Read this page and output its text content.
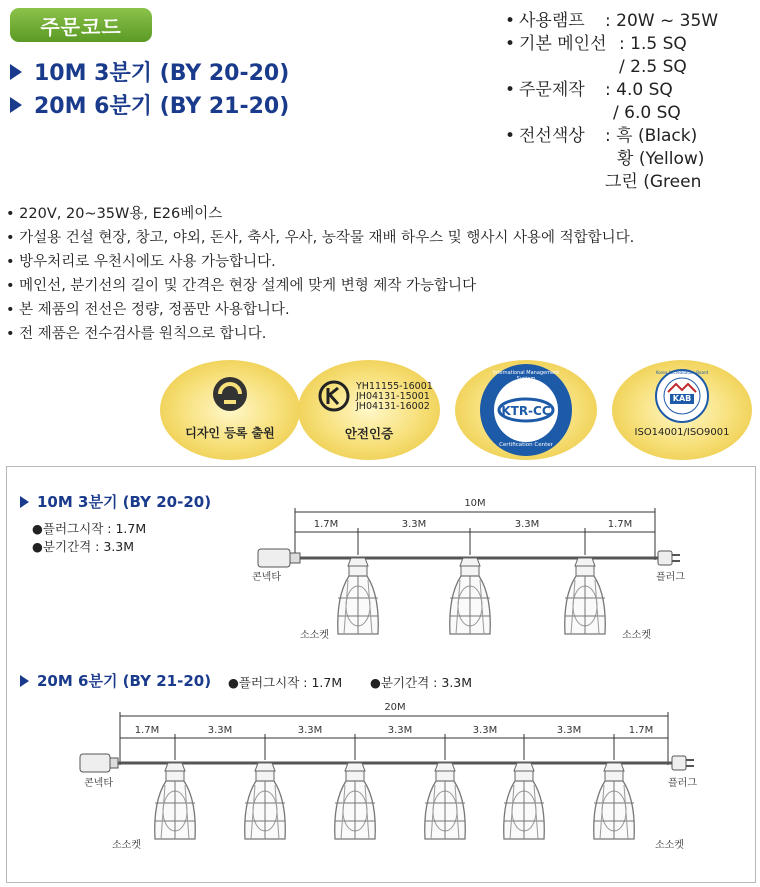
주문코드
10M 3분기 (BY 20-20)
20M 6분기 (BY 21-20)
• 사용램프 : 20W ~ 35W
• 기본 메인선 : 1.5 SQ
/ 2.5 SQ
• 주문제작 : 4.0 SQ
/ 6.0 SQ
• 전선색상 : 흑 (Black)
황 (Yellow)
그린 (Green
• 220V, 20~35W용, E26베이스
• 가설용 건설 현장, 창고, 야외, 돈사, 축사, 우사, 농작물 재배 하우스 및 행사시 사용에 적합합니다.
• 방우처리로 우천시에도 사용 가능합니다.
• 메인선, 분기선의 길이 및 간격은 현장 설계에 맞게 변형 제작 가능합니다
• 본 제품의 전선은 정량, 정품만 사용합니다.
• 전 제품은 전수검사를 원칙으로 합니다.
디자인 등록 출원
YH11155-16001
JH04131-15001
JH04131-16002
안전인증
KTR-CC
International Management System
Certification Center
KAB
Korea Accreditation Board
ISO14001/ISO9001
10M 3분기 (BY 20-20)
●플러그시작 : 1.7M
●분기간격 : 3.3M
10M
1.7M	3.3M	3.3M	1.7M
콘넥타	플러그
소소켓	소소켓
20M
1.7M	3.3M	3.3M	3.3M	3.3M	3.3M	1.7M
콘넥타	플러그
소소켓	소소켓
20M 6분기 (BY 21-20) ●플러그시작 : 1.7M ●분기간격 : 3.3M
